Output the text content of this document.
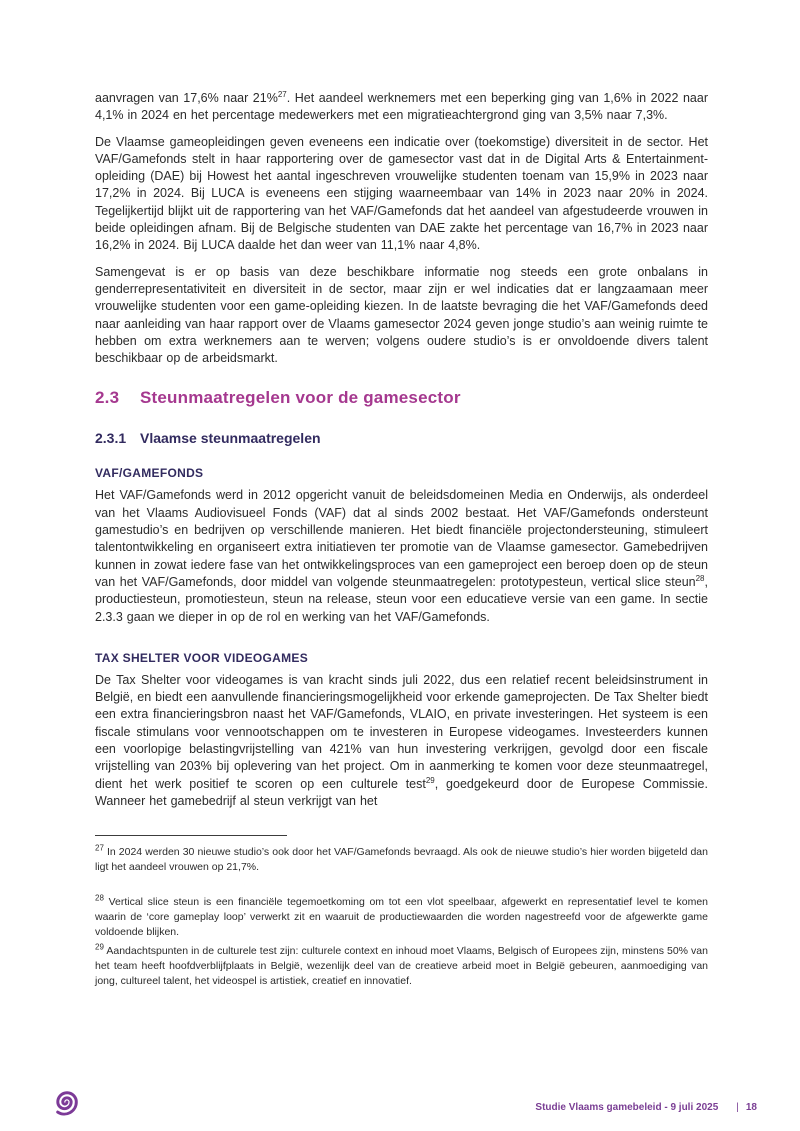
aanvragen van 17,6% naar 21%$^{27}$. Het aandeel werknemers met een beperking ging van 1,6% in 2022 naar 4,1% in 2024 en het percentage medewerkers met een migratieachtergrond ging van 3,5% naar 7,3%.

De Vlaamse gameopleidingen geven eveneens een indicatie over (toekomstige) diversiteit in de sector. Het VAF/Gamefonds stelt in haar rapportering over de gamesector vast dat in de Digital Arts & Entertainment-opleiding (DAE) bij Howest het aantal ingeschreven vrouwelijke studenten toenam van 15,9% in 2023 naar 17,2% in 2024. Bij LUCA is eveneens een stijging waarneembaar van 14% in 2023 naar 20% in 2024. Tegelijkertijd blijkt uit de rapportering van het VAF/Gamefonds dat het aandeel van afgestudeerde vrouwen in beide opleidingen afnam. Bij de Belgische studenten van DAE zakte het percentage van 16,7% in 2023 naar 16,2% in 2024. Bij LUCA daalde het dan weer van 11,1% naar 4,8%.

Samengevat is er op basis van deze beschikbare informatie nog steeds een grote onbalans in genderrepresentativiteit en diversiteit in de sector, maar zijn er wel indicaties dat er langzaamaan meer vrouwelijke studenten voor een game-opleiding kiezen. In de laatste bevraging die het VAF/Gamefonds deed naar aanleiding van haar rapport over de Vlaams gamesector 2024 geven jonge studio’s aan weinig ruimte te hebben om extra werknemers aan te werven; volgens oudere studio’s is er onvoldoende divers talent beschikbaar op de arbeidsmarkt.

2.3	Steunmaatregelen voor de gamesector
2.3.1 Vlaamse steunmaatregelen
VAF/GAMEFONDS

Het VAF/Gamefonds werd in 2012 opgericht vanuit de beleidsdomeinen Media en Onderwijs, als onderdeel van het Vlaams Audiovisueel Fonds (VAF) dat al sinds 2002 bestaat. Het VAF/Gamefonds ondersteunt gamestudio’s en bedrijven op verschillende manieren. Het biedt financiële projectondersteuning, stimuleert talentontwikkeling en organiseert extra initiatieven ter promotie van de Vlaamse gamesector. Gamebedrijven kunnen in zowat iedere fase van het ontwikkelingsproces van een gameproject een beroep doen op de steun van het VAF/Gamefonds, door middel van volgende steunmaatregelen: prototypesteun, vertical slice steun$^{28}$, productiesteun, promotiesteun, steun na release, steun voor een educatieve versie van een game. In sectie 2.3.3 gaan we dieper in op de rol en werking van het VAF/Gamefonds.

TAX SHELTER VOOR VIDEOGAMES

De Tax Shelter voor videogames is van kracht sinds juli 2022, dus een relatief recent beleidsinstrument in België, en biedt een aanvullende financieringsmogelijkheid voor erkende gameprojecten. De Tax Shelter biedt een extra financieringsbron naast het VAF/Gamefonds, VLAIO, en private investeringen. Het systeem is een fiscale stimulans voor vennootschappen om te investeren in Europese videogames. Investeerders kunnen een voorlopige belastingvrijstelling van 421% van hun investering verkrijgen, gevolgd door een fiscale vrijstelling van 203% bij oplevering van het project. Om in aanmerking te komen voor deze steunmaatregel, dient het werk positief te scoren op een culturele test$^{29}$, goedgekeurd door de Europese Commissie. Wanneer het gamebedrijf al steun verkrijgt van het

$^{27}$ In 2024 werden 30 nieuwe studio’s ook door het VAF/Gamefonds bevraagd. Als ook de nieuwe studio’s hier worden bijgeteld dan ligt het aandeel vrouwen op 21,7%.

$^{28}$ Vertical slice steun is een financiële tegemoetkoming om tot een vlot speelbaar, afgewerkt en representatief level te komen waarin de ‘core gameplay loop’ verwerkt zit en waaruit de productiewaarden die worden nagestreefd voor de afgewerkte game voldoende blijken.

$^{29}$ Aandachtspunten in de culturele test zijn: culturele context en inhoud moet Vlaams, Belgisch of Europees zijn, minstens 50% van het team heeft hoofdverblijfplaats in België, wezenlijk deel van de creatieve arbeid moet in België gebeuren, aanmoediging van jong, cultureel talent, het videospel is artistiek, creatief en innovatief.

Studie Vlaams gamebeleid - 9 juli 2025 | 18
